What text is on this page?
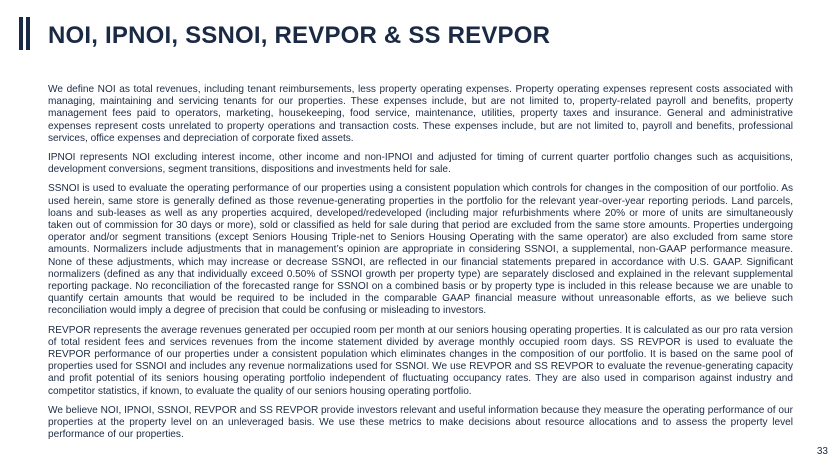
NOI, IPNOI, SSNOI, REVPOR & SS REVPOR

We define NOI as total revenues, including tenant reimbursements, less property operating expenses. Property operating expenses represent costs associated with managing, maintaining and servicing tenants for our properties. These expenses include, but are not limited to, property-related payroll and benefits, property management fees paid to operators, marketing, housekeeping, food service, maintenance, utilities, property taxes and insurance. General and administrative expenses represent costs unrelated to property operations and transaction costs. These expenses include, but are not limited to, payroll and benefits, professional services, office expenses and depreciation of corporate fixed assets.

IPNOI represents NOI excluding interest income, other income and non-IPNOI and adjusted for timing of current quarter portfolio changes such as acquisitions, development conversions, segment transitions, dispositions and investments held for sale.

SSNOI is used to evaluate the operating performance of our properties using a consistent population which controls for changes in the composition of our portfolio. As used herein, same store is generally defined as those revenue-generating properties in the portfolio for the relevant year-over-year reporting periods. Land parcels, loans and sub-leases as well as any properties acquired, developed/redeveloped (including major refurbishments where 20% or more of units are simultaneously taken out of commission for 30 days or more), sold or classified as held for sale during that period are excluded from the same store amounts. Properties undergoing operator and/or segment transitions (except Seniors Housing Triple-net to Seniors Housing Operating with the same operator) are also excluded from same store amounts. Normalizers include adjustments that in management’s opinion are appropriate in considering SSNOI, a supplemental, non-GAAP performance measure. None of these adjustments, which may increase or decrease SSNOI, are reflected in our financial statements prepared in accordance with U.S. GAAP. Significant normalizers (defined as any that individually exceed 0.50% of SSNOI growth per property type) are separately disclosed and explained in the relevant supplemental reporting package. No reconciliation of the forecasted range for SSNOI on a combined basis or by property type is included in this release because we are unable to quantify certain amounts that would be required to be included in the comparable GAAP financial measure without unreasonable efforts, as we believe such reconciliation would imply a degree of precision that could be confusing or misleading to investors.

REVPOR represents the average revenues generated per occupied room per month at our seniors housing operating properties. It is calculated as our pro rata version of total resident fees and services revenues from the income statement divided by average monthly occupied room days. SS REVPOR is used to evaluate the REVPOR performance of our properties under a consistent population which eliminates changes in the composition of our portfolio. It is based on the same pool of properties used for SSNOI and includes any revenue normalizations used for SSNOI. We use REVPOR and SS REVPOR to evaluate the revenue-generating capacity and profit potential of its seniors housing operating portfolio independent of fluctuating occupancy rates. They are also used in comparison against industry and competitor statistics, if known, to evaluate the quality of our seniors housing operating portfolio.

We believe NOI, IPNOI, SSNOI, REVPOR and SS REVPOR provide investors relevant and useful information because they measure the operating performance of our properties at the property level on an unleveraged basis. We use these metrics to make decisions about resource allocations and to assess the property level performance of our properties.

33
